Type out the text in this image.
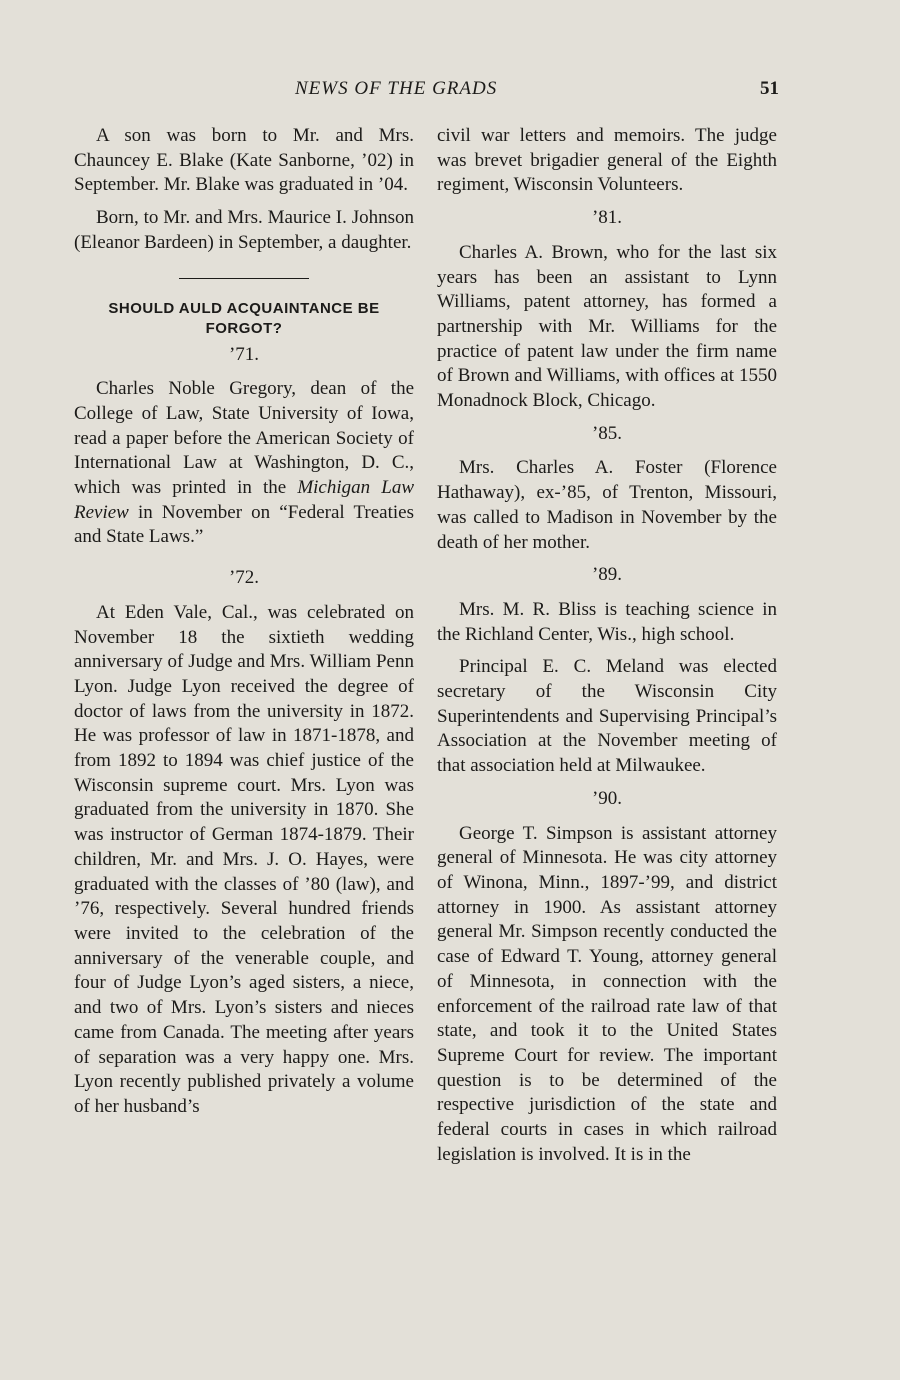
NEWS OF THE GRADS	51

A son was born to Mr. and Mrs. Chauncey E. Blake (Kate Sanborne, ’02) in September. Mr. Blake was graduated in ’04.

Born, to Mr. and Mrs. Maurice I. Johnson (Eleanor Bardeen) in September, a daughter.

SHOULD AULD ACQUAINTANCE BE FORGOT?
’71.

Charles Noble Gregory, dean of the College of Law, State University of Iowa, read a paper before the American Society of International Law at Washington, D. C., which was printed in the Michigan Law Review in November on “Federal Treaties and State Laws.”

’72.

At Eden Vale, Cal., was celebrated on November 18 the sixtieth wedding anniversary of Judge and Mrs. William Penn Lyon. Judge Lyon received the degree of doctor of laws from the university in 1872. He was professor of law in 1871-1878, and from 1892 to 1894 was chief justice of the Wisconsin supreme court. Mrs. Lyon was graduated from the university in 1870. She was instructor of German 1874-1879. Their children, Mr. and Mrs. J. O. Hayes, were graduated with the classes of ’80 (law), and ’76, respectively. Several hundred friends were invited to the celebration of the anniversary of the venerable couple, and four of Judge Lyon’s aged sisters, a niece, and two of Mrs. Lyon’s sisters and nieces came from Canada. The meeting after years of separation was a very happy one. Mrs. Lyon recently published privately a volume of her husband’s

civil war letters and memoirs. The judge was brevet brigadier general of the Eighth regiment, Wisconsin Volunteers.

’81.

Charles A. Brown, who for the last six years has been an assistant to Lynn Williams, patent attorney, has formed a partnership with Mr. Williams for the practice of patent law under the firm name of Brown and Williams, with offices at 1550 Monadnock Block, Chicago.

’85.

Mrs. Charles A. Foster (Florence Hathaway), ex-’85, of Trenton, Missouri, was called to Madison in November by the death of her mother.

’89.

Mrs. M. R. Bliss is teaching science in the Richland Center, Wis., high school.

Principal E. C. Meland was elected secretary of the Wisconsin City Superintendents and Supervising Principal’s Association at the November meeting of that association held at Milwaukee.

’90.

George T. Simpson is assistant attorney general of Minnesota. He was city attorney of Winona, Minn., 1897-’99, and district attorney in 1900. As assistant attorney general Mr. Simpson recently conducted the case of Edward T. Young, attorney general of Minnesota, in connection with the enforcement of the railroad rate law of that state, and took it to the United States Supreme Court for review. The important question is to be determined of the respective jurisdiction of the state and federal courts in cases in which railroad legislation is involved. It is in the
